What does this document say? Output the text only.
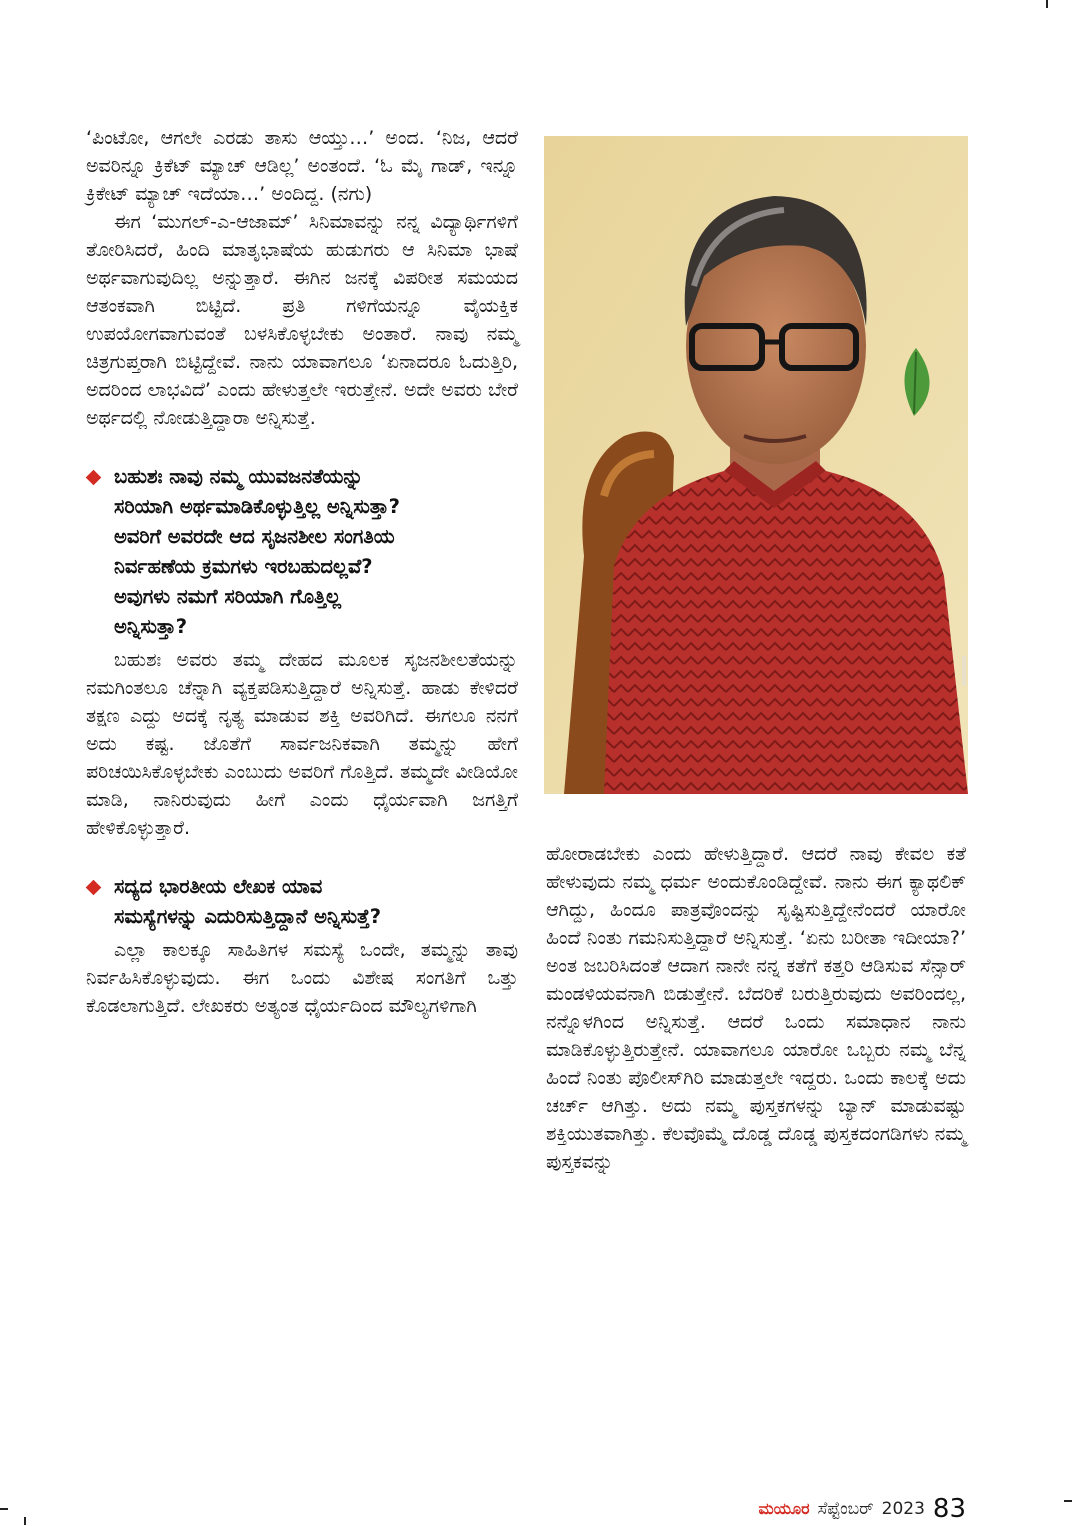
‘ಪಿಂಟೋ, ಆಗಲೇ ಎರಡು ತಾಸು ಆಯ್ತು…’ ಅಂದ. ‘ನಿಜ, ಆದರೆ ಅವರಿನ್ನೂ ಕ್ರಿಕೆಟ್ ಮ್ಯಾಚ್ ಆಡಿಲ್ಲ’ ಅಂತಂದೆ. ‘ಓ ಮೈ ಗಾಡ್, ಇನ್ನೂ ಕ್ರಿಕೇಟ್ ಮ್ಯಾಚ್ ಇದೆಯಾ…’ ಅಂದಿದ್ದ. (ನಗು)

ಈಗ ‘ಮುಗಲ್-ಎ-ಆಜಾಮ್’ ಸಿನಿಮಾವನ್ನು ನನ್ನ ವಿದ್ಯಾರ್ಥಿಗಳಿಗೆ ತೋರಿಸಿದರೆ, ಹಿಂದಿ ಮಾತೃಭಾಷೆಯ ಹುಡುಗರು ಆ ಸಿನಿಮಾ ಭಾಷೆ ಅರ್ಥವಾಗುವುದಿಲ್ಲ ಅನ್ನುತ್ತಾರೆ. ಈಗಿನ ಜನಕ್ಕೆ ವಿಪರೀತ ಸಮಯದ ಆತಂಕವಾಗಿ ಬಿಟ್ಟಿದೆ. ಪ್ರತಿ ಗಳಿಗೆಯನ್ನೂ ವೈಯಕ್ತಿಕ ಉಪಯೋಗವಾಗುವಂತೆ ಬಳಸಿಕೊಳ್ಳಬೇಕು ಅಂತಾರೆ. ನಾವು ನಮ್ಮ ಚಿತ್ರಗುಪ್ತರಾಗಿ ಬಿಟ್ಟಿದ್ದೇವೆ. ನಾನು ಯಾವಾಗಲೂ ‘ಏನಾದರೂ ಓದುತ್ತಿರಿ, ಅದರಿಂದ ಲಾಭವಿದೆ’ ಎಂದು ಹೇಳುತ್ತಲೇ ಇರುತ್ತೇನೆ. ಅದೇ ಅವರು ಬೇರೆ ಅರ್ಥದಲ್ಲಿ ನೋಡುತ್ತಿದ್ದಾರಾ ಅನ್ನಿಸುತ್ತೆ.

ಬಹುಶಃ ನಾವು ನಮ್ಮ ಯುವಜನತೆಯನ್ನು

ಸರಿಯಾಗಿ ಅರ್ಥಮಾಡಿಕೊಳ್ಳುತ್ತಿಲ್ಲ ಅನ್ನಿಸುತ್ತಾ?

ಅವರಿಗೆ ಅವರದೇ ಆದ ಸೃಜನಶೀಲ ಸಂಗತಿಯ

ನಿರ್ವಹಣೆಯ ಕ್ರಮಗಳು ಇರಬಹುದಲ್ಲವೆ?

ಅವುಗಳು ನಮಗೆ ಸರಿಯಾಗಿ ಗೊತ್ತಿಲ್ಲ

ಅನ್ನಿಸುತ್ತಾ?

ಬಹುಶಃ ಅವರು ತಮ್ಮ ದೇಹದ ಮೂಲಕ ಸೃಜನಶೀಲತೆಯನ್ನು ನಮಗಿಂತಲೂ ಚೆನ್ನಾಗಿ ವ್ಯಕ್ತಪಡಿಸುತ್ತಿದ್ದಾರೆ ಅನ್ನಿಸುತ್ತೆ. ಹಾಡು ಕೇಳಿದರೆ ತಕ್ಷಣ ಎದ್ದು ಅದಕ್ಕೆ ನೃತ್ಯ ಮಾಡುವ ಶಕ್ತಿ ಅವರಿಗಿದೆ. ಈಗಲೂ ನನಗೆ ಅದು ಕಷ್ಟ. ಜೊತೆಗೆ ಸಾರ್ವಜನಿಕವಾಗಿ ತಮ್ಮನ್ನು ಹೇಗೆ ಪರಿಚಯಿಸಿಕೊಳ್ಳಬೇಕು ಎಂಬುದು ಅವರಿಗೆ ಗೊತ್ತಿದೆ. ತಮ್ಮದೇ ವೀಡಿಯೋ ಮಾಡಿ, ನಾನಿರುವುದು ಹೀಗೆ ಎಂದು ಧೈರ್ಯವಾಗಿ ಜಗತ್ತಿಗೆ ಹೇಳಿಕೊಳ್ಳುತ್ತಾರೆ.

ಸದ್ಯದ ಭಾರತೀಯ ಲೇಖಕ ಯಾವ

ಸಮಸ್ಯೆಗಳನ್ನು ಎದುರಿಸುತ್ತಿದ್ದಾನೆ ಅನ್ನಿಸುತ್ತೆ?

ಎಲ್ಲಾ ಕಾಲಕ್ಕೂ ಸಾಹಿತಿಗಳ ಸಮಸ್ಯೆ ಒಂದೇ, ತಮ್ಮನ್ನು ತಾವು ನಿರ್ವಹಿಸಿಕೊಳ್ಳುವುದು. ಈಗ ಒಂದು ವಿಶೇಷ ಸಂಗತಿಗೆ ಒತ್ತು ಕೊಡಲಾಗುತ್ತಿದೆ. ಲೇಖಕರು ಅತ್ಯಂತ ಧೈರ್ಯದಿಂದ ಮೌಲ್ಯಗಳಿಗಾಗಿ

ಹೋರಾಡಬೇಕು ಎಂದು ಹೇಳುತ್ತಿದ್ದಾರೆ. ಆದರೆ ನಾವು ಕೇವಲ ಕತೆ ಹೇಳುವುದು ನಮ್ಮ ಧರ್ಮ ಅಂದುಕೊಂಡಿದ್ದೇವೆ. ನಾನು ಈಗ ಕ್ಯಾಥಲಿಕ್ ಆಗಿದ್ದು, ಹಿಂದೂ ಪಾತ್ರವೊಂದನ್ನು ಸೃಷ್ಟಿಸುತ್ತಿದ್ದೇನೆಂದರೆ ಯಾರೋ ಹಿಂದೆ ನಿಂತು ಗಮನಿಸುತ್ತಿದ್ದಾರೆ ಅನ್ನಿಸುತ್ತೆ. ‘ಏನು ಬರೀತಾ ಇದೀಯಾ?’ ಅಂತ ಜಬರಿಸಿದಂತೆ ಆದಾಗ ನಾನೇ ನನ್ನ ಕತೆಗೆ ಕತ್ತರಿ ಆಡಿಸುವ ಸೆನ್ಸಾರ್ ಮಂಡಳಿಯವನಾಗಿ ಬಿಡುತ್ತೇನೆ. ಬೆದರಿಕೆ ಬರುತ್ತಿರುವುದು ಅವರಿಂದಲ್ಲ, ನನ್ನೊಳಗಿಂದ ಅನ್ನಿಸುತ್ತೆ. ಆದರೆ ಒಂದು ಸಮಾಧಾನ ನಾನು ಮಾಡಿಕೊಳ್ಳುತ್ತಿರುತ್ತೇನೆ. ಯಾವಾಗಲೂ ಯಾರೋ ಒಬ್ಬರು ನಮ್ಮ ಬೆನ್ನ ಹಿಂದೆ ನಿಂತು ಪೊಲೀಸ್‌ಗಿರಿ ಮಾಡುತ್ತಲೇ ಇದ್ದರು. ಒಂದು ಕಾಲಕ್ಕೆ ಅದು ಚರ್ಚ್ ಆಗಿತ್ತು. ಅದು ನಮ್ಮ ಪುಸ್ತಕಗಳನ್ನು ಬ್ಯಾನ್ ಮಾಡುವಷ್ಟು ಶಕ್ತಿಯುತವಾಗಿತ್ತು. ಕೆಲವೊಮ್ಮೆ ದೊಡ್ಡ ದೊಡ್ಡ ಪುಸ್ತಕದಂಗಡಿಗಳು ನಮ್ಮ ಪುಸ್ತಕವನ್ನು

ಮಯೂರ ಸೆಪ್ಟೆಂಬರ್ 2023 83
